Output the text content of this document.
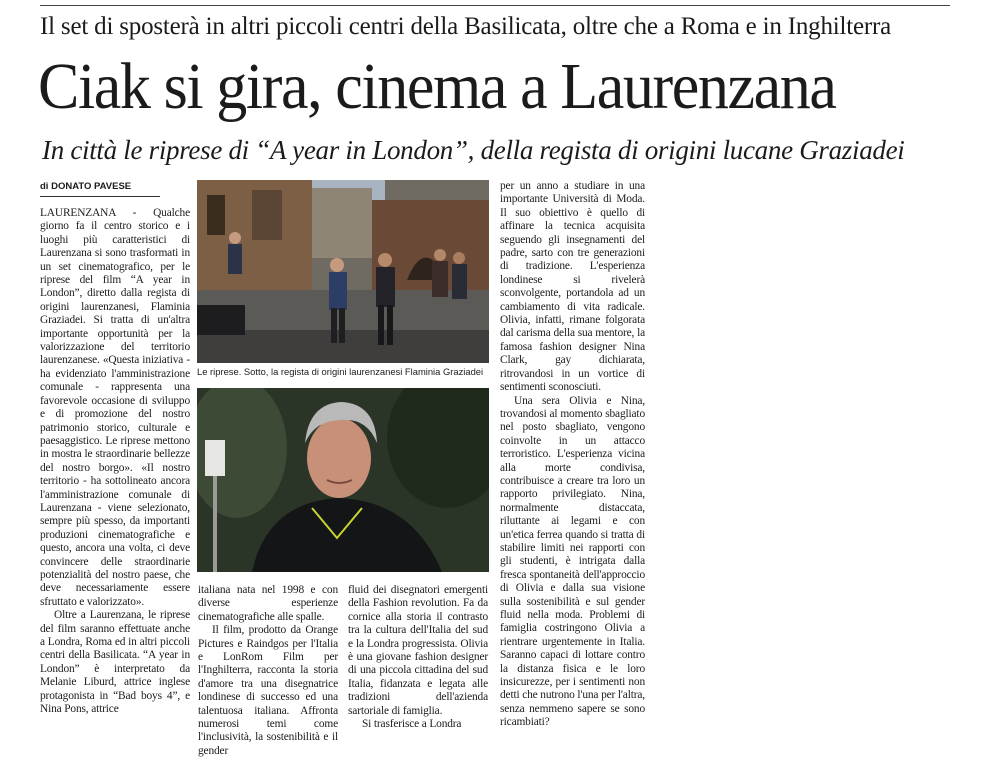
Il set di sposterà in altri piccoli centri della Basilicata, oltre che a Roma e in Inghilterra
Ciak si gira, cinema a Laurenzana
In città le riprese di “A year in London”, della regista di origini lucane Graziadei
di DONATO PAVESE

LAURENZANA - Qualche giorno fa il centro storico e i luoghi più caratteristici di Laurenzana si sono trasformati in un set cinematografico, per le riprese del film “A year in London”, diretto dalla regista di origini laurenzanesi, Flaminia Graziadei. Si tratta di un'altra importante opportunità per la valorizzazione del territorio laurenzanese. «Questa iniziativa - ha evidenziato l'amministrazione comunale - rappresenta una favorevole occasione di sviluppo e di promozione del nostro patrimonio storico, culturale e paesaggistico. Le riprese mettono in mostra le straordinarie bellezze del nostro borgo». «Il nostro territorio - ha sottolineato ancora l'amministrazione comunale di Laurenzana - viene selezionato, sempre più spesso, da importanti produzioni cinematografiche e questo, ancora una volta, ci deve convincere delle straordinarie potenzialità del nostro paese, che deve necessariamente essere sfruttato e valorizzato».

Oltre a Laurenzana, le riprese del film saranno effettuate anche a Londra, Roma ed in altri piccoli centri della Basilicata. “A year in London” è interpretato da Melanie Liburd, attrice inglese protagonista in “Bad boys 4”, e Nina Pons, attrice

Le riprese. Sotto, la regista di origini laurenzanesi Flaminia Graziadei

italiana nata nel 1998 e con diverse esperienze cinematografiche alle spalle.

Il film, prodotto da Orange Pictures e Raindgos per l'Italia e LonRom Film per l'Inghilterra, racconta la storia d'amore tra una disegnatrice londinese di successo ed una talentuosa italiana. Affronta numerosi temi come l'inclusività, la sostenibilità e il gender

fluid dei disegnatori emergenti della Fashion revolution. Fa da cornice alla storia il contrasto tra la cultura dell'Italia del sud e la Londra progressista. Olivia è una giovane fashion designer di una piccola cittadina del sud Italia, fidanzata e legata alle tradizioni dell'azienda sartoriale di famiglia.

Si trasferisce a Londra

per un anno a studiare in una importante Università di Moda. Il suo obiettivo è quello di affinare la tecnica acquisita seguendo gli insegnamenti del padre, sarto con tre generazioni di tradizione. L'esperienza londinese si rivelerà sconvolgente, portandola ad un cambiamento di vita radicale. Olivia, infatti, rimane folgorata dal carisma della sua mentore, la famosa fashion designer Nina Clark, gay dichiarata, ritrovandosi in un vortice di sentimenti sconosciuti.

Una sera Olivia e Nina, trovandosi al momento sbagliato nel posto sbagliato, vengono coinvolte in un attacco terroristico. L'esperienza vicina alla morte condivisa, contribuisce a creare tra loro un rapporto privilegiato. Nina, normalmente distaccata, riluttante ai legami e con un'etica ferrea quando si tratta di stabilire limiti nei rapporti con gli studenti, è intrigata dalla fresca spontaneità dell'approccio di Olivia e dalla sua visione sulla sostenibilità e sul gender fluid nella moda. Problemi di famiglia costringono Olivia a rientrare urgentemente in Italia. Saranno capaci di lottare contro la distanza fisica e le loro insicurezze, per i sentimenti non detti che nutrono l'una per l'altra, senza nemmeno sapere se sono ricambiati?
